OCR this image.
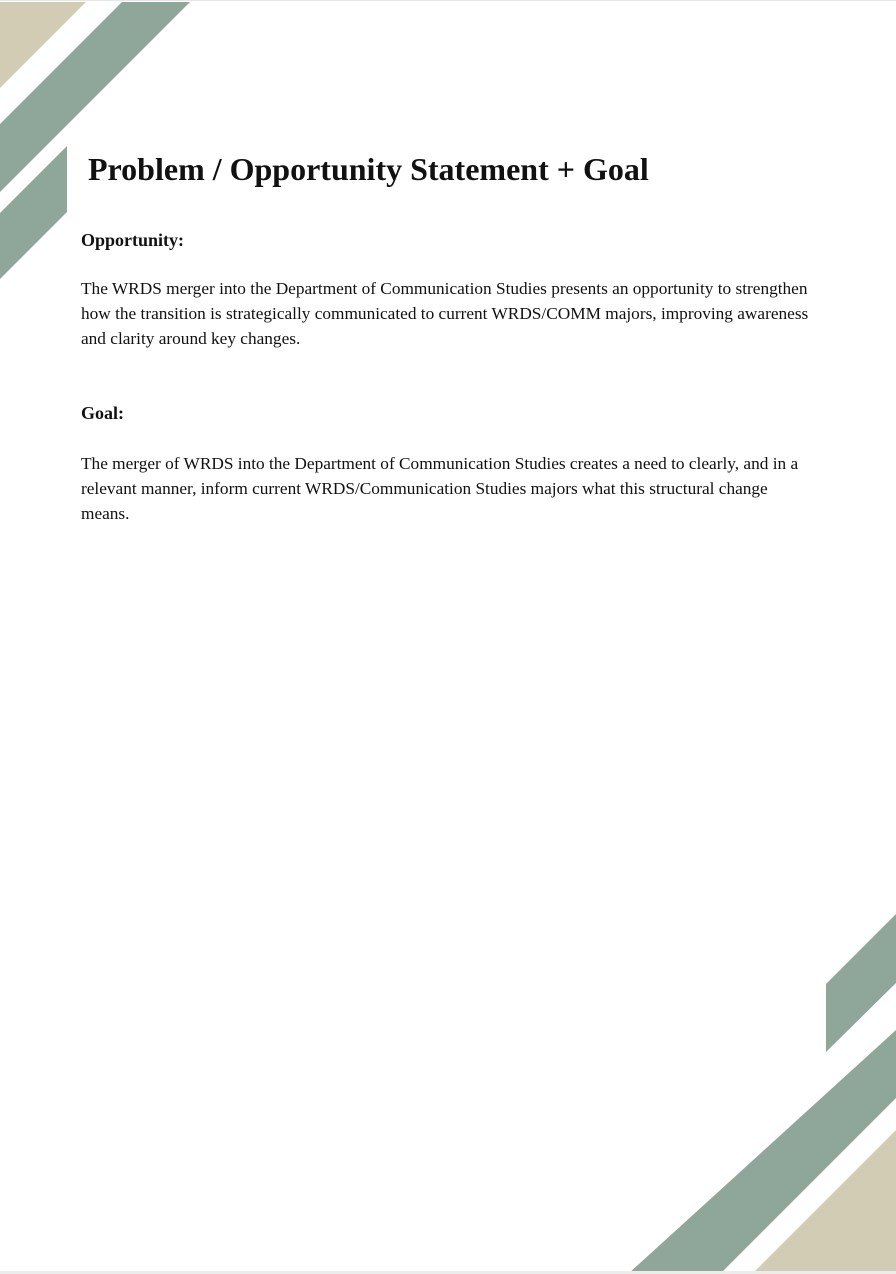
Problem / Opportunity Statement + Goal
Opportunity:

The WRDS merger into the Department of Communication Studies presents an opportunity to strengthen how the transition is strategically communicated to current WRDS/COMM majors, improving awareness and clarity around key changes.

Goal:

The merger of WRDS into the Department of Communication Studies creates a need to clearly, and in a relevant manner, inform current WRDS/Communication Studies majors what this structural change means.
